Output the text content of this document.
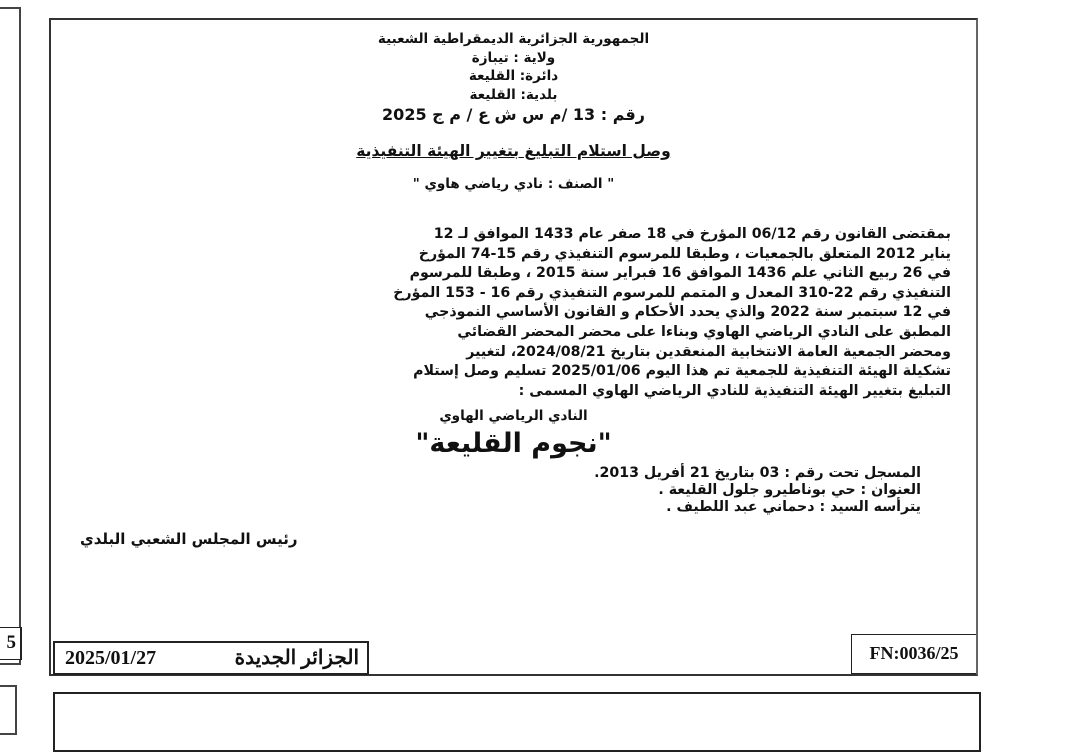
5
الجمهورية الجزائرية الديمقراطية الشعبية
ولاية : تيبازة
دائرة: القليعة
بلدية: القليعة
رقم : 13 /م س ش ع / م ج 2025
وصل استلام التبليغ بتغيير الهيئة التنفيذية
" الصنف : نادي رياضي هاوي "
بمقتضى القانون رقم 06/12 المؤرخ في 18 صفر عام 1433 الموافق لـ 12
يناير 2012 المتعلق بالجمعيات ، وطبقا للمرسوم التنفيذي رقم 15-74 المؤرخ
في 26 ربيع الثاني علم 1436 الموافق 16 فبراير سنة 2015 ، وطبقا للمرسوم
التنفيذي رقم 22-310 المعدل و المتمم للمرسوم التنفيذي رقم 16 - 153 المؤرخ
في 12 سبتمبر سنة 2022 والذي يحدد الأحكام و القانون الأساسي النموذجي
المطبق على النادي الرياضي الهاوي وبناءا على محضر المحضر القضائي
ومحضر الجمعية العامة الانتخابية المنعقدين بتاريخ 2024/08/21، لتغيير
تشكيلة الهيئة التنفيذية للجمعية تم هذا اليوم 2025/01/06 تسليم وصل إستلام
التبليغ بتغيير الهيئة التنفيذية للنادي الرياضي الهاوي المسمى :
النادي الرياضي الهاوي
"نجوم القليعة"
المسجل تحت رقم : 03 بتاريخ 21 أفريل 2013.
العنوان : حي بوناطيرو جلول القليعة .
يترأسه السيد : دحماني عبد اللطيف .
رئيس المجلس الشعبي البلدي
2025/01/27	الجزائر الجديدة	FN:0036/25
